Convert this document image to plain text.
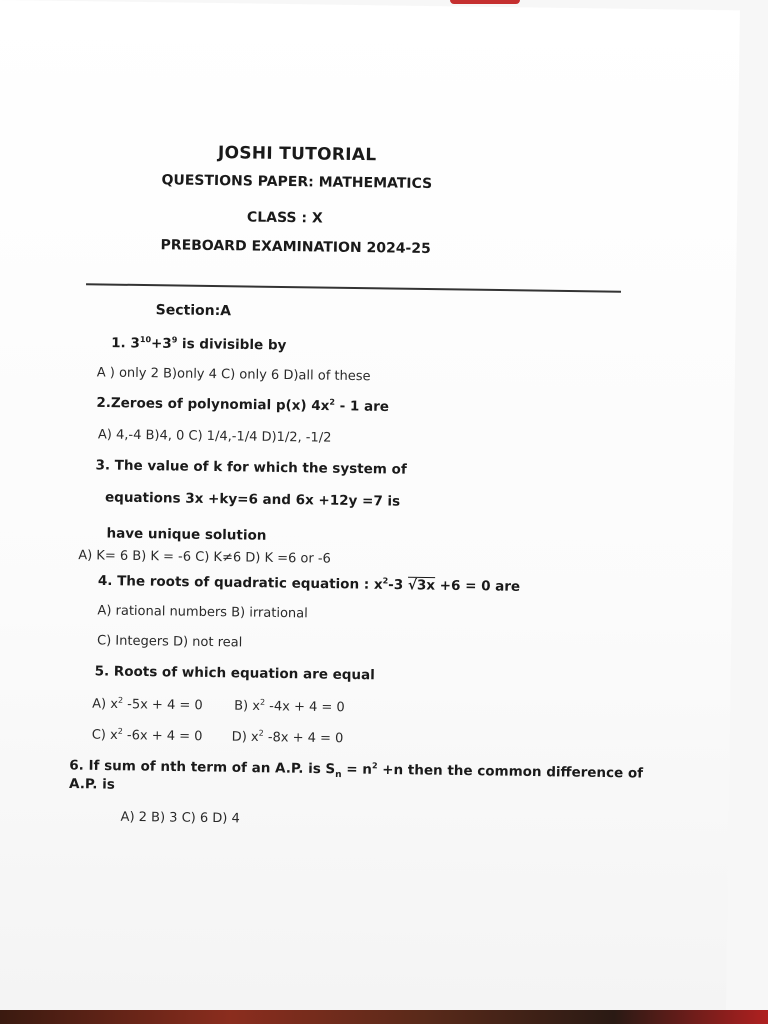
JOSHI TUTORIAL
QUESTIONS PAPER: MATHEMATICS
CLASS : X
PREBOARD EXAMINATION 2024-25
Section:A
1. $3^{10}+3^9$ is divisible by
A ) only 2 B)only 4 C) only 6 D)all of these
2.Zeroes of polynomial p(x) $4x^2 - 1$ are
A) 4,-4 B)4, 0 C) 1/4,-1/4 D)1/2, -1/2
3. The value of k for which the system of
equations 3x +ky=6 and 6x +12y =7 is
have unique solution
A) K= 6 B) K = -6 C) K≠6 D) K =6 or -6
4. The roots of quadratic equation : $x^2-3$ √3x +6 = 0 are
A) rational numbers B) irrational
C) Integers D) not real
5. Roots of which equation are equal
A) $x^2$ -5x + 4 = 0 B) $x^2$ -4x + 4 = 0
C) $x^2$ -6x + 4 = 0 D) $x^2$ -8x + 4 = 0
6. If sum of nth term of an A.P. is $S_n = n^2 +n$ then the common difference of
A.P. is
A) 2 B) 3 C) 6 D) 4
